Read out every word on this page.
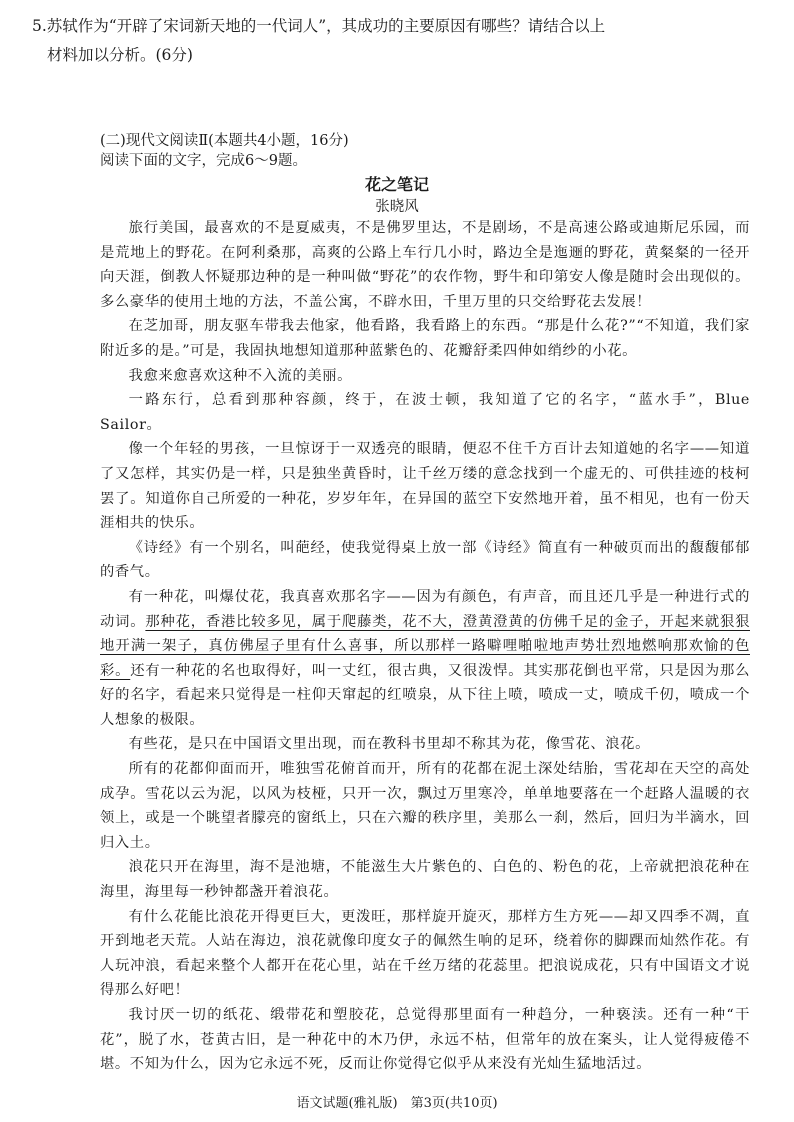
5.苏轼作为“开辟了宋词新天地的一代词人”，其成功的主要原因有哪些？请结合以上
材料加以分析。(6分)
(二)现代文阅读Ⅱ(本题共4小题，16分)
阅读下面的文字，完成6～9题。
花之笔记
张晓风

旅行美国，最喜欢的不是夏威夷，不是佛罗里达，不是剧场，不是高速公路或迪斯尼乐园，而是荒地上的野花。在阿利桑那，高爽的公路上车行几小时，路边全是迤逦的野花，黄粲粲的一径开向天涯，倒教人怀疑那边种的是一种叫做“野花”的农作物，野牛和印第安人像是随时会出现似的。多么豪华的使用土地的方法，不盖公寓，不辟水田，千里万里的只交给野花去发展！

在芝加哥，朋友驱车带我去他家，他看路，我看路上的东西。“那是什么花?”“不知道，我们家附近多的是。”可是，我固执地想知道那种蓝紫色的、花瓣舒柔四伸如绡纱的小花。

我愈来愈喜欢这种不入流的美丽。

一路东行，总看到那种容颜，终于，在波士顿，我知道了它的名字，“蓝水手”，Blue Sailor。

像一个年轻的男孩，一旦惊讶于一双透亮的眼睛，便忍不住千方百计去知道她的名字——知道了又怎样，其实仍是一样，只是独坐黄昏时，让千丝万缕的意念找到一个虚无的、可供挂迹的枝柯罢了。知道你自己所爱的一种花，岁岁年年，在异国的蓝空下安然地开着，虽不相见，也有一份天涯相共的快乐。

《诗经》有一个别名，叫葩经，使我觉得桌上放一部《诗经》简直有一种破页而出的馥馥郁郁的香气。

有一种花，叫爆仗花，我真喜欢那名字——因为有颜色，有声音，而且还几乎是一种进行式的动词。那种花，香港比较多见，属于爬藤类，花不大，澄黄澄黄的仿佛千足的金子，开起来就狠狠地开满一架子，真仿佛屋子里有什么喜事，所以那样一路噼哩啪啦地声势壮烈地燃响那欢愉的色彩。还有一种花的名也取得好，叫一丈红，很古典，又很泼悍。其实那花倒也平常，只是因为那么好的名字，看起来只觉得是一柱仰天窜起的红喷泉，从下往上喷，喷成一丈，喷成千仞，喷成一个人想象的极限。

有些花，是只在中国语文里出现，而在教科书里却不称其为花，像雪花、浪花。

所有的花都仰面而开，唯独雪花俯首而开，所有的花都在泥土深处结胎，雪花却在天空的高处成孕。雪花以云为泥，以风为枝桠，只开一次，飘过万里寒冷，单单地要落在一个赶路人温暖的衣领上，或是一个眺望者朦亮的窗纸上，只在六瓣的秩序里，美那么一刹，然后，回归为半滴水，回归入土。

浪花只开在海里，海不是池塘，不能滋生大片紫色的、白色的、粉色的花，上帝就把浪花种在海里，海里每一秒钟都盏开着浪花。

有什么花能比浪花开得更巨大，更泼旺，那样旋开旋灭，那样方生方死——却又四季不凋，直开到地老天荒。人站在海边，浪花就像印度女子的佩然生响的足环，绕着你的脚踝而灿然作花。有人玩冲浪，看起来整个人都开在花心里，站在千丝万绪的花蕊里。把浪说成花，只有中国语文才说得那么好吧！

我讨厌一切的纸花、缎带花和塑胶花，总觉得那里面有一种趋分，一种亵渎。还有一种“干花”，脱了水，苍黄古旧，是一种花中的木乃伊，永远不枯，但常年的放在案头，让人觉得疲倦不堪。不知为什么，因为它永远不死，反而让你觉得它似乎从来没有光灿生猛地活过。

语文试题(雅礼版)　第3页(共10页)
